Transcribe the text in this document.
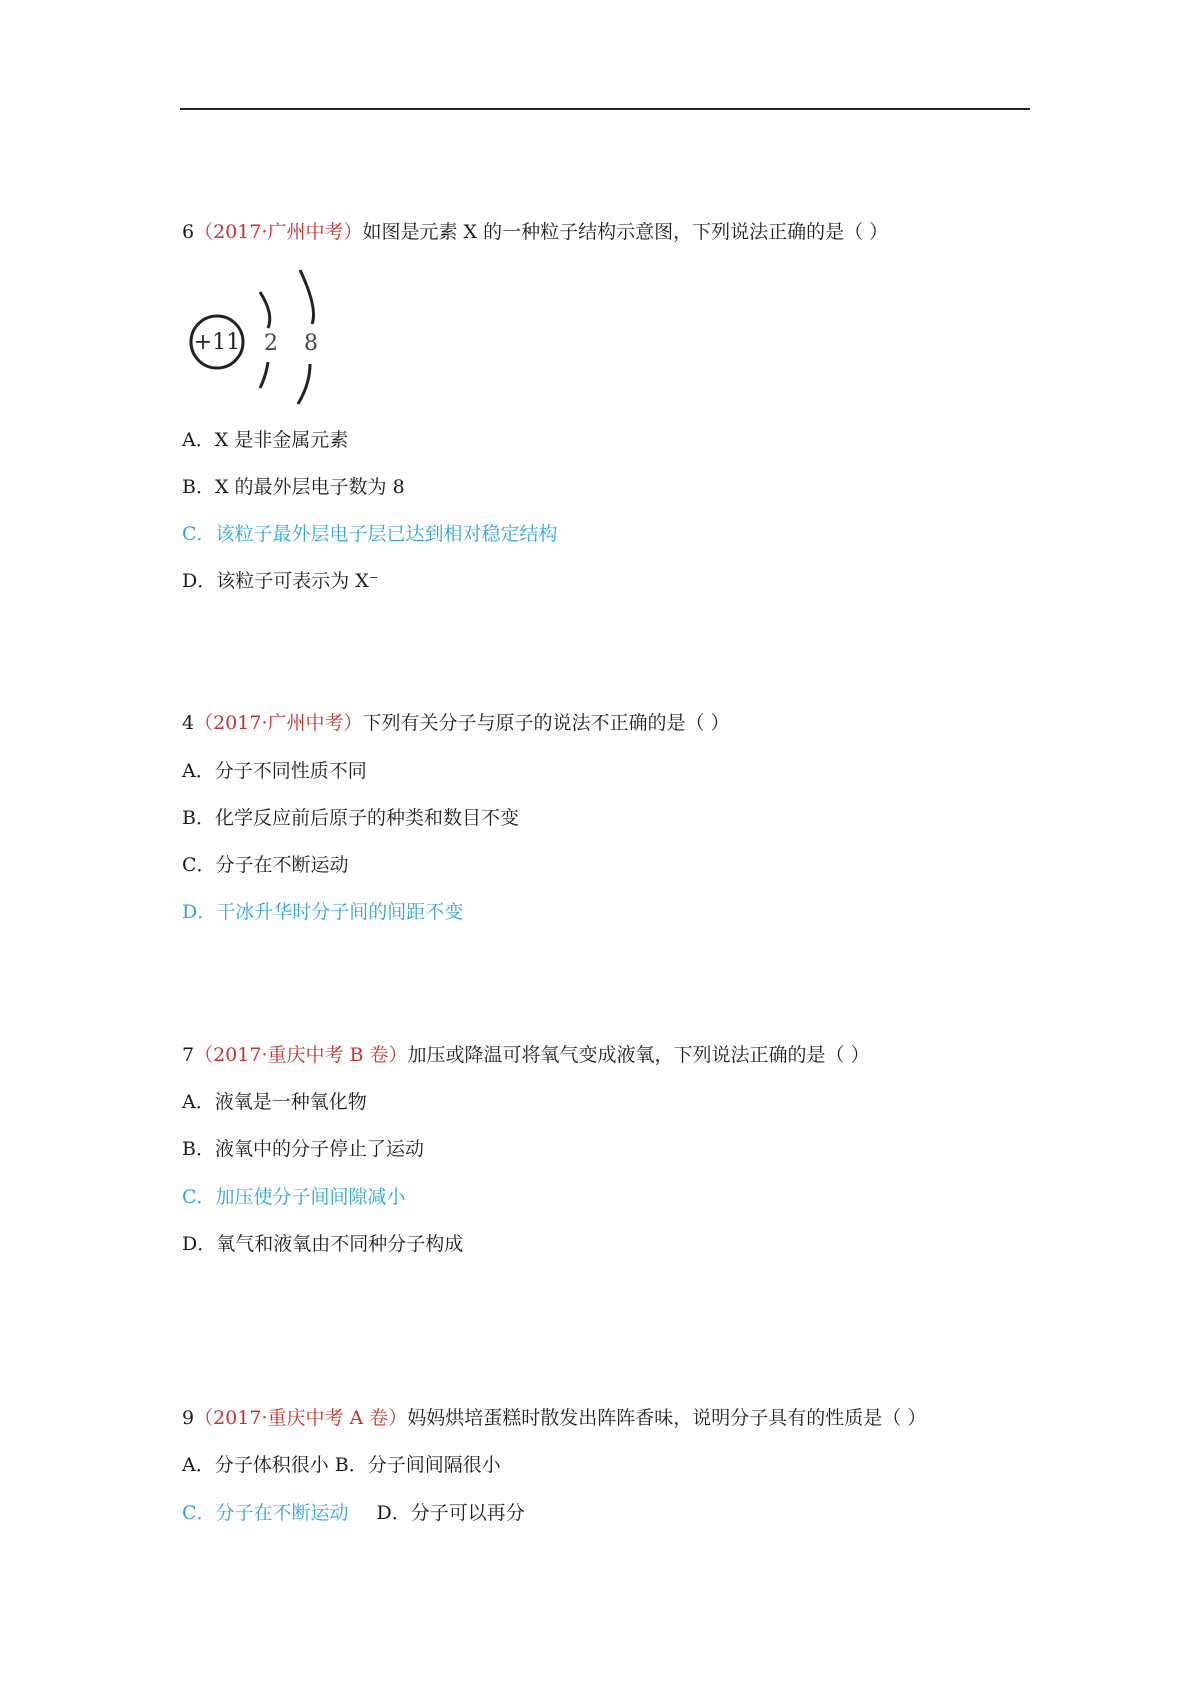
6（2017·广州中考）如图是元素 X 的一种粒子结构示意图，下列说法正确的是（ ）
+11 2 8
A．X 是非金属元素
B．X 的最外层电子数为 8
C．该粒子最外层电子层已达到相对稳定结构
D．该粒子可表示为 X⁻
4（2017·广州中考）下列有关分子与原子的说法不正确的是（ ）
A．分子不同性质不同
B．化学反应前后原子的种类和数目不变
C．分子在不断运动
D．干冰升华时分子间的间距不变
7（2017·重庆中考 B 卷）加压或降温可将氧气变成液氧，下列说法正确的是（ ）
A．液氧是一种氧化物
B．液氧中的分子停止了运动
C．加压使分子间间隙减小
D．氧气和液氧由不同种分子构成
9（2017·重庆中考 A 卷）妈妈烘培蛋糕时散发出阵阵香味，说明分子具有的性质是（ ）
A．分子体积很小 B．分子间间隔很小
C．分子在不断运动 D．分子可以再分
